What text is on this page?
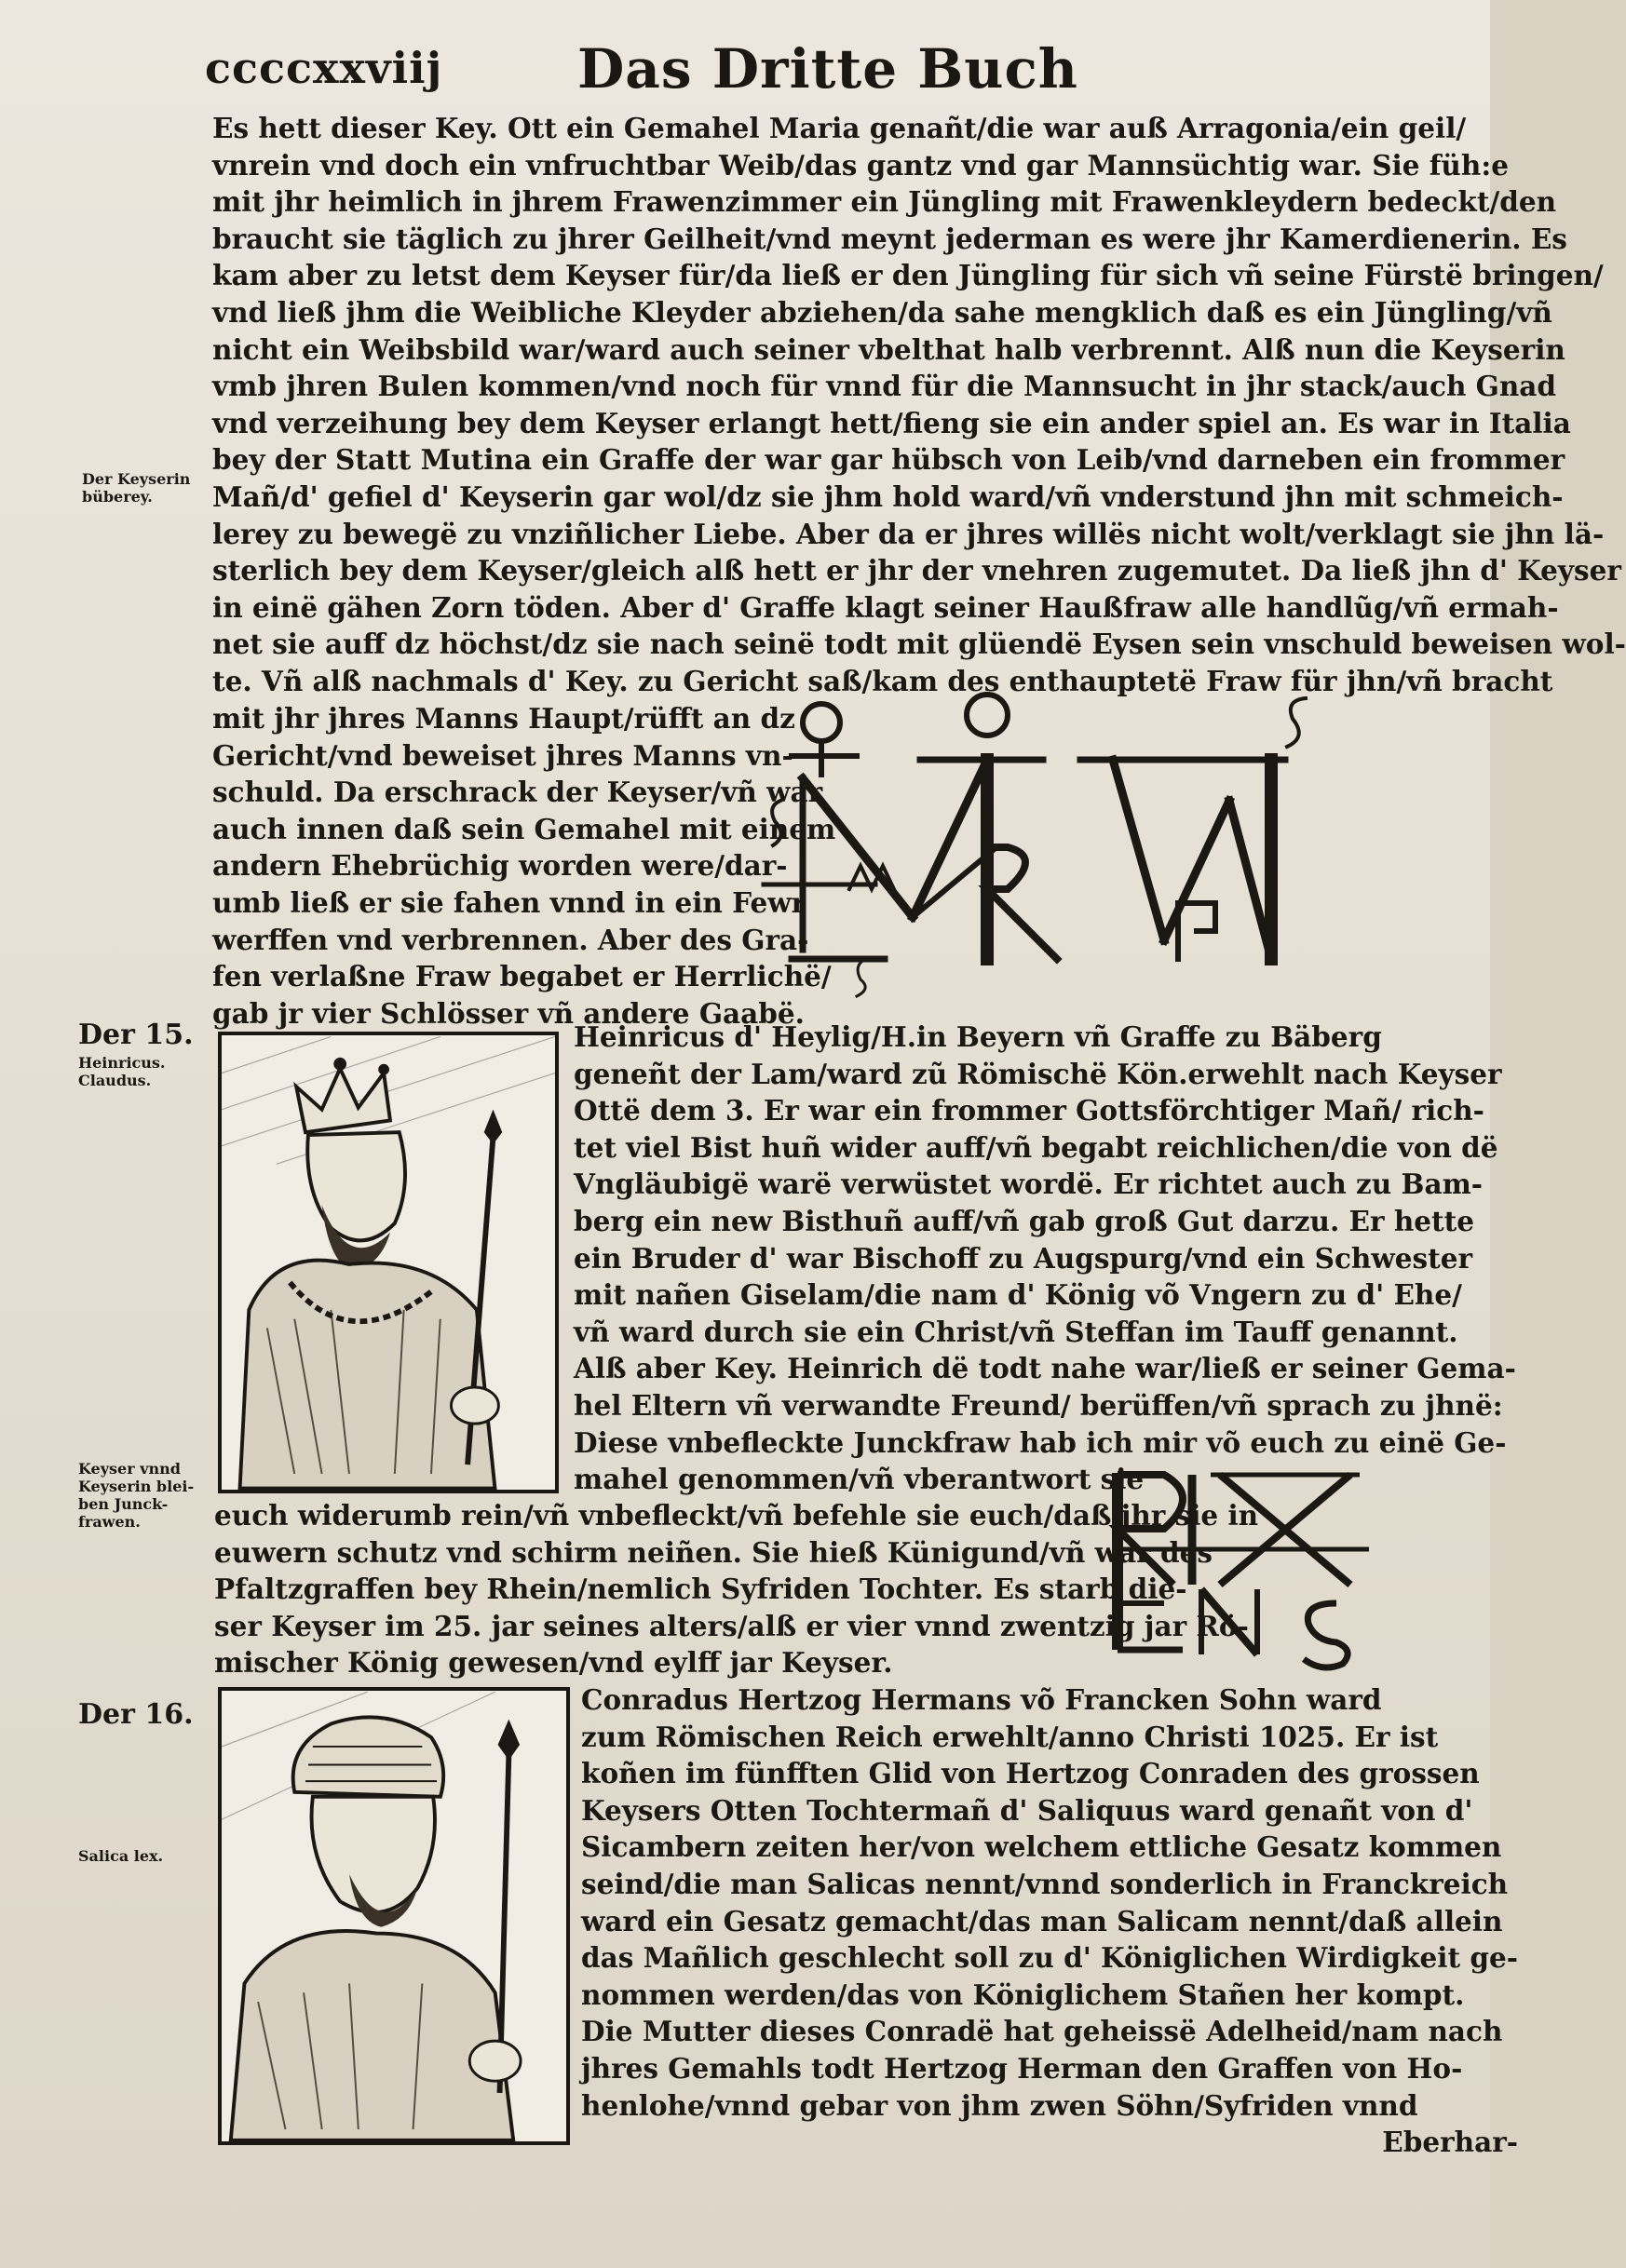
ccccххviij Das Dritte Buch
Es hett dieser Key. Ott ein Gemahel Maria genañt/die war auß Arragonia/ein geil/
vnrein vnd doch ein vnfruchtbar Weib/das gantz vnd gar Mannsüchtig war. Sie füh:e
mit jhr heimlich in jhrem Frawenzimmer ein Jüngling mit Frawenkleydern bedeckt/den
braucht sie täglich zu jhrer Geilheit/vnd meynt jederman es were jhr Kamerdienerin. Es
kam aber zu letst dem Keyser für/da ließ er den Jüngling für sich vñ seine Fürstë bringen/
vnd ließ jhm die Weibliche Kleyder abziehen/da sahe mengklich daß es ein Jüngling/vñ
nicht ein Weibsbild war/ward auch seiner vbelthat halb verbrennt. Alß nun die Keyserin
vmb jhren Bulen kommen/vnd noch für vnnd für die Mannsucht in jhr stack/auch Gnad
vnd verzeihung bey dem Keyser erlangt hett/fieng sie ein ander spiel an. Es war in Italia
bey der Statt Mutina ein Graffe der war gar hübsch von Leib/vnd darneben ein frommer
Mañ/d' gefiel d' Keyserin gar wol/dz sie jhm hold ward/vñ vnderstund jhn mit schmeich-
lerey zu bewegë zu vnziñlicher Liebe. Aber da er jhres willës nicht wolt/verklagt sie jhn lä-
sterlich bey dem Keyser/gleich alß hett er jhr der vnehren zugemutet. Da ließ jhn d' Keyser
in einë gähen Zorn töden. Aber d' Graffe klagt seiner Haußfraw alle handlũg/vñ ermah-
net sie auff dz höchst/dz sie nach seinë todt mit glüendë Eysen sein vnschuld beweisen wol-
te. Vñ alß nachmals d' Key. zu Gericht saß/kam des enthauptetë Fraw für jhn/vñ bracht
Der Keyserin
büberey.
mit jhr jhres Manns Haupt/rüfft an dz
Gericht/vnd beweiset jhres Manns vn-
schuld. Da erschrack der Keyser/vñ war
auch innen daß sein Gemahel mit einem
andern Ehebrüchig worden were/dar-
umb ließ er sie fahen vnnd in ein Fewr
werffen vnd verbrennen. Aber des Gra-
fen verlaßne Fraw begabet er Herrlichë/
gab jr vier Schlösser vñ andere Gaabë.
Der 15.
Heinricus.
Claudus.
Keyser vnnd
Keyserin blei-
ben Junck-
frawen.
Heinricus d' Heylig/H.in Beyern vñ Graffe zu Bäberg
geneñt der Lam/ward zũ Römischë Kön.erwehlt nach Keyser
Ottë dem 3. Er war ein frommer Gottsförchtiger Mañ/ rich-
tet viel Bist huñ wider auff/vñ begabt reichlichen/die von dë
Vngläubigë warë verwüstet wordë. Er richtet auch zu Bam-
berg ein new Bisthuñ auff/vñ gab groß Gut darzu. Er hette
ein Bruder d' war Bischoff zu Augspurg/vnd ein Schwester
mit nañen Giselam/die nam d' König võ Vngern zu d' Ehe/
vñ ward durch sie ein Christ/vñ Steffan im Tauff genannt.
Alß aber Key. Heinrich dë todt nahe war/ließ er seiner Gema-
hel Eltern vñ verwandte Freund/ berüffen/vñ sprach zu jhnë:
Diese vnbefleckte Junckfraw hab ich mir võ euch zu einë Ge-
mahel genommen/vñ vberantwort sie
euch widerumb rein/vñ vnbefleckt/vñ befehle sie euch/daß jhr sie in
euwern schutz vnd schirm neiñen. Sie hieß Künigund/vñ war des
Pfaltzgraffen bey Rhein/nemlich Syfriden Tochter. Es starb die-
ser Keyser im 25. jar seines alters/alß er vier vnnd zwentzig jar Rö-
mischer König gewesen/vnd eylff jar Keyser.
Der 16.
Salica lex.
Conradus Hertzog Hermans võ Francken Sohn ward
zum Römischen Reich erwehlt/anno Christi 1025. Er ist
koñen im fünfften Glid von Hertzog Conraden des grossen
Keysers Otten Tochtermañ d' Saliquus ward genañt von d'
Sicambern zeiten her/von welchem ettliche Gesatz kommen
seind/die man Salicas nennt/vnnd sonderlich in Franckreich
ward ein Gesatz gemacht/das man Salicam nennt/daß allein
das Mañlich geschlecht soll zu d' Königlichen Wirdigkeit ge-
nommen werden/das von Königlichem Stañen her kompt.
Die Mutter dieses Conradë hat geheissë Adelheid/nam nach
jhres Gemahls todt Hertzog Herman den Graffen von Ho-
henlohe/vnnd gebar von jhm zwen Söhn/Syfriden vnnd
Eberhar-
